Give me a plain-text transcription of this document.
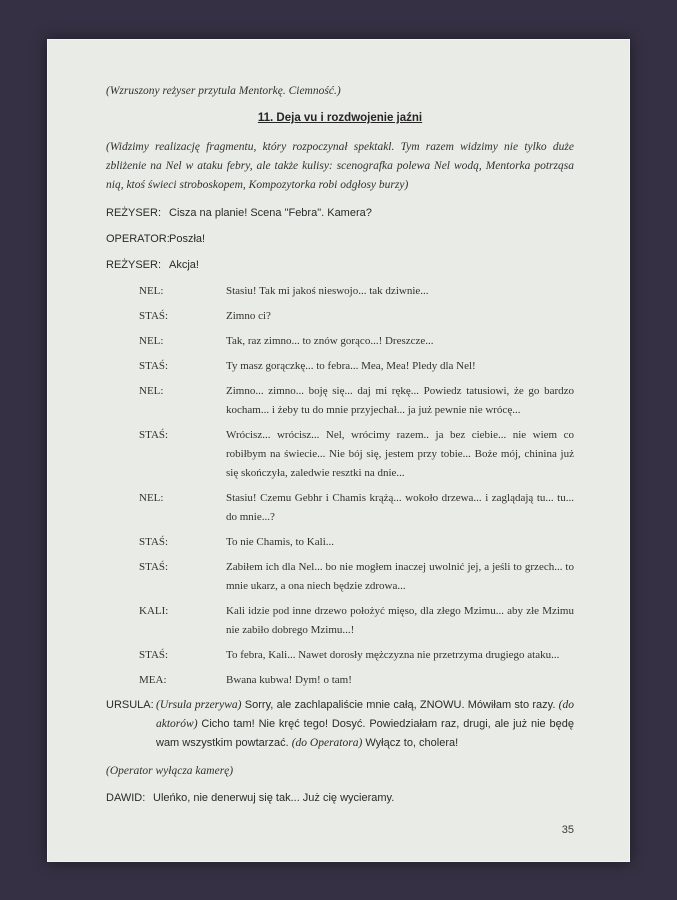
(Wzruszony reżyser przytula Mentorkę. Ciemność.)

11. Deja vu i rozdwojenie jaźni

(Widzimy realizację fragmentu, który rozpoczynał spektakl. Tym razem widzimy nie tylko duże zbliżenie na Nel w ataku febry, ale także kulisy: scenografka polewa Nel wodą, Mentorka potrząsa nią, ktoś świeci stroboskopem, Kompozytorka robi odgłosy burzy)

REŻYSER: Cisza na planie! Scena "Febra". Kamera?

OPERATOR: Poszła!

REŻYSER: Akcja!

NEL:	Stasiu! Tak mi jakoś nieswojo... tak dziwnie...

STAŚ:	Zimno ci?

NEL:	Tak, raz zimno... to znów gorąco...! Dreszcze...

STAŚ:	Ty masz gorączkę... to febra... Mea, Mea! Pledy dla Nel!

NEL:	Zimno... zimno... boję się... daj mi rękę... Powiedz tatusiowi, że go bardzo kocham... i żeby tu do mnie przyjechał... ja już pewnie nie wrócę...

STAŚ:	Wrócisz... wrócisz... Nel, wrócimy razem.. ja bez ciebie... nie wiem co robiłbym na świecie... Nie bój się, jestem przy tobie... Boże mój, chinina już się skończyła, zaledwie resztki na dnie...

NEL:	Stasiu! Czemu Gebhr i Chamis krążą... wokoło drzewa... i zaglądają tu... tu... do mnie...?

STAŚ:	To nie Chamis, to Kali...

STAŚ:	Zabiłem ich dla Nel... bo nie mogłem inaczej uwolnić jej, a jeśli to grzech... to mnie ukarz, a ona niech będzie zdrowa...

KALI:	Kali idzie pod inne drzewo położyć mięso, dla złego Mzimu... aby złe Mzimu nie zabiło dobrego Mzimu...!

STAŚ:	To febra, Kali... Nawet dorosły mężczyzna nie przetrzyma drugiego ataku...

MEA:	Bwana kubwa! Dym! o tam!

URSULA: (Ursula przerywa) Sorry, ale zachlapaliście mnie całą, ZNOWU. Mówiłam sto razy. (do aktorów) Cicho tam! Nie kręć tego! Dosyć. Powiedziałam raz, drugi, ale już nie będę wam wszystkim powtarzać. (do Operatora) Wyłącz to, cholera!

(Operator wyłącza kamerę)

DAWID: Uleńko, nie denerwuj się tak... Już cię wycieramy.

35
